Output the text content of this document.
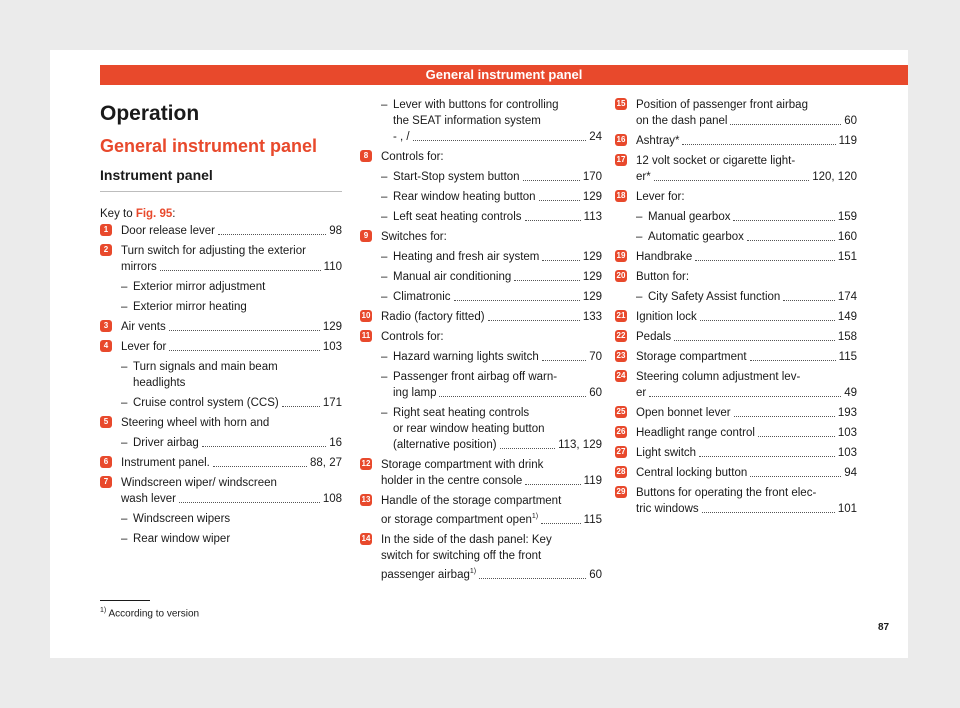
General instrument panel
Operation
General instrument panel
Instrument panel
Key to Fig. 95:
1	Door release lever	98
2	Turn switch for adjusting the exterior
mirrors	110
– Exterior mirror adjustment
– Exterior mirror heating
3	Air vents	129
4	Lever for	103
– Turn signals and main beam
headlights
– Cruise control system (CCS)	171
5	Steering wheel with horn and
– Driver airbag	16
6	Instrument panel.	88, 27
7	Windscreen wiper/ windscreen
wash lever	108
– Windscreen wipers
– Rear window wiper
– Lever with buttons for controlling
the SEAT information system
- , /	24
8	Controls for:
– Start-Stop system button	170
– Rear window heating button	129
– Left seat heating controls	113
9	Switches for:
– Heating and fresh air system	129
– Manual air conditioning	129
– Climatronic	129
10 Radio (factory fitted)	133
11 Controls for:
– Hazard warning lights switch	70
– Passenger front airbag off warn-
ing lamp	60
– Right seat heating controls
or rear window heating button
(alternative position)	113, 129
12 Storage compartment with drink
holder in the centre console	119
13 Handle of the storage compartment
or storage compartment open$^{1)}$	115
14 In the side of the dash panel: Key
switch for switching off the front
passenger airbag$^{1)}$	60
15 Position of passenger front airbag
on the dash panel	60
16 Ashtray*	119
17 12 volt socket or cigarette light-
er*	120, 120
18 Lever for:
– Manual gearbox	159
– Automatic gearbox	160
19 Handbrake	151
20 Button for:
– City Safety Assist function	174
21 Ignition lock	149
22 Pedals	158
23 Storage compartment	115
24 Steering column adjustment lev-
er	49
25 Open bonnet lever	193
26 Headlight range control	103
27 Light switch	103
28 Central locking button	94
29 Buttons for operating the front elec-
tric windows	101
$^{1)}$ According to version
87
